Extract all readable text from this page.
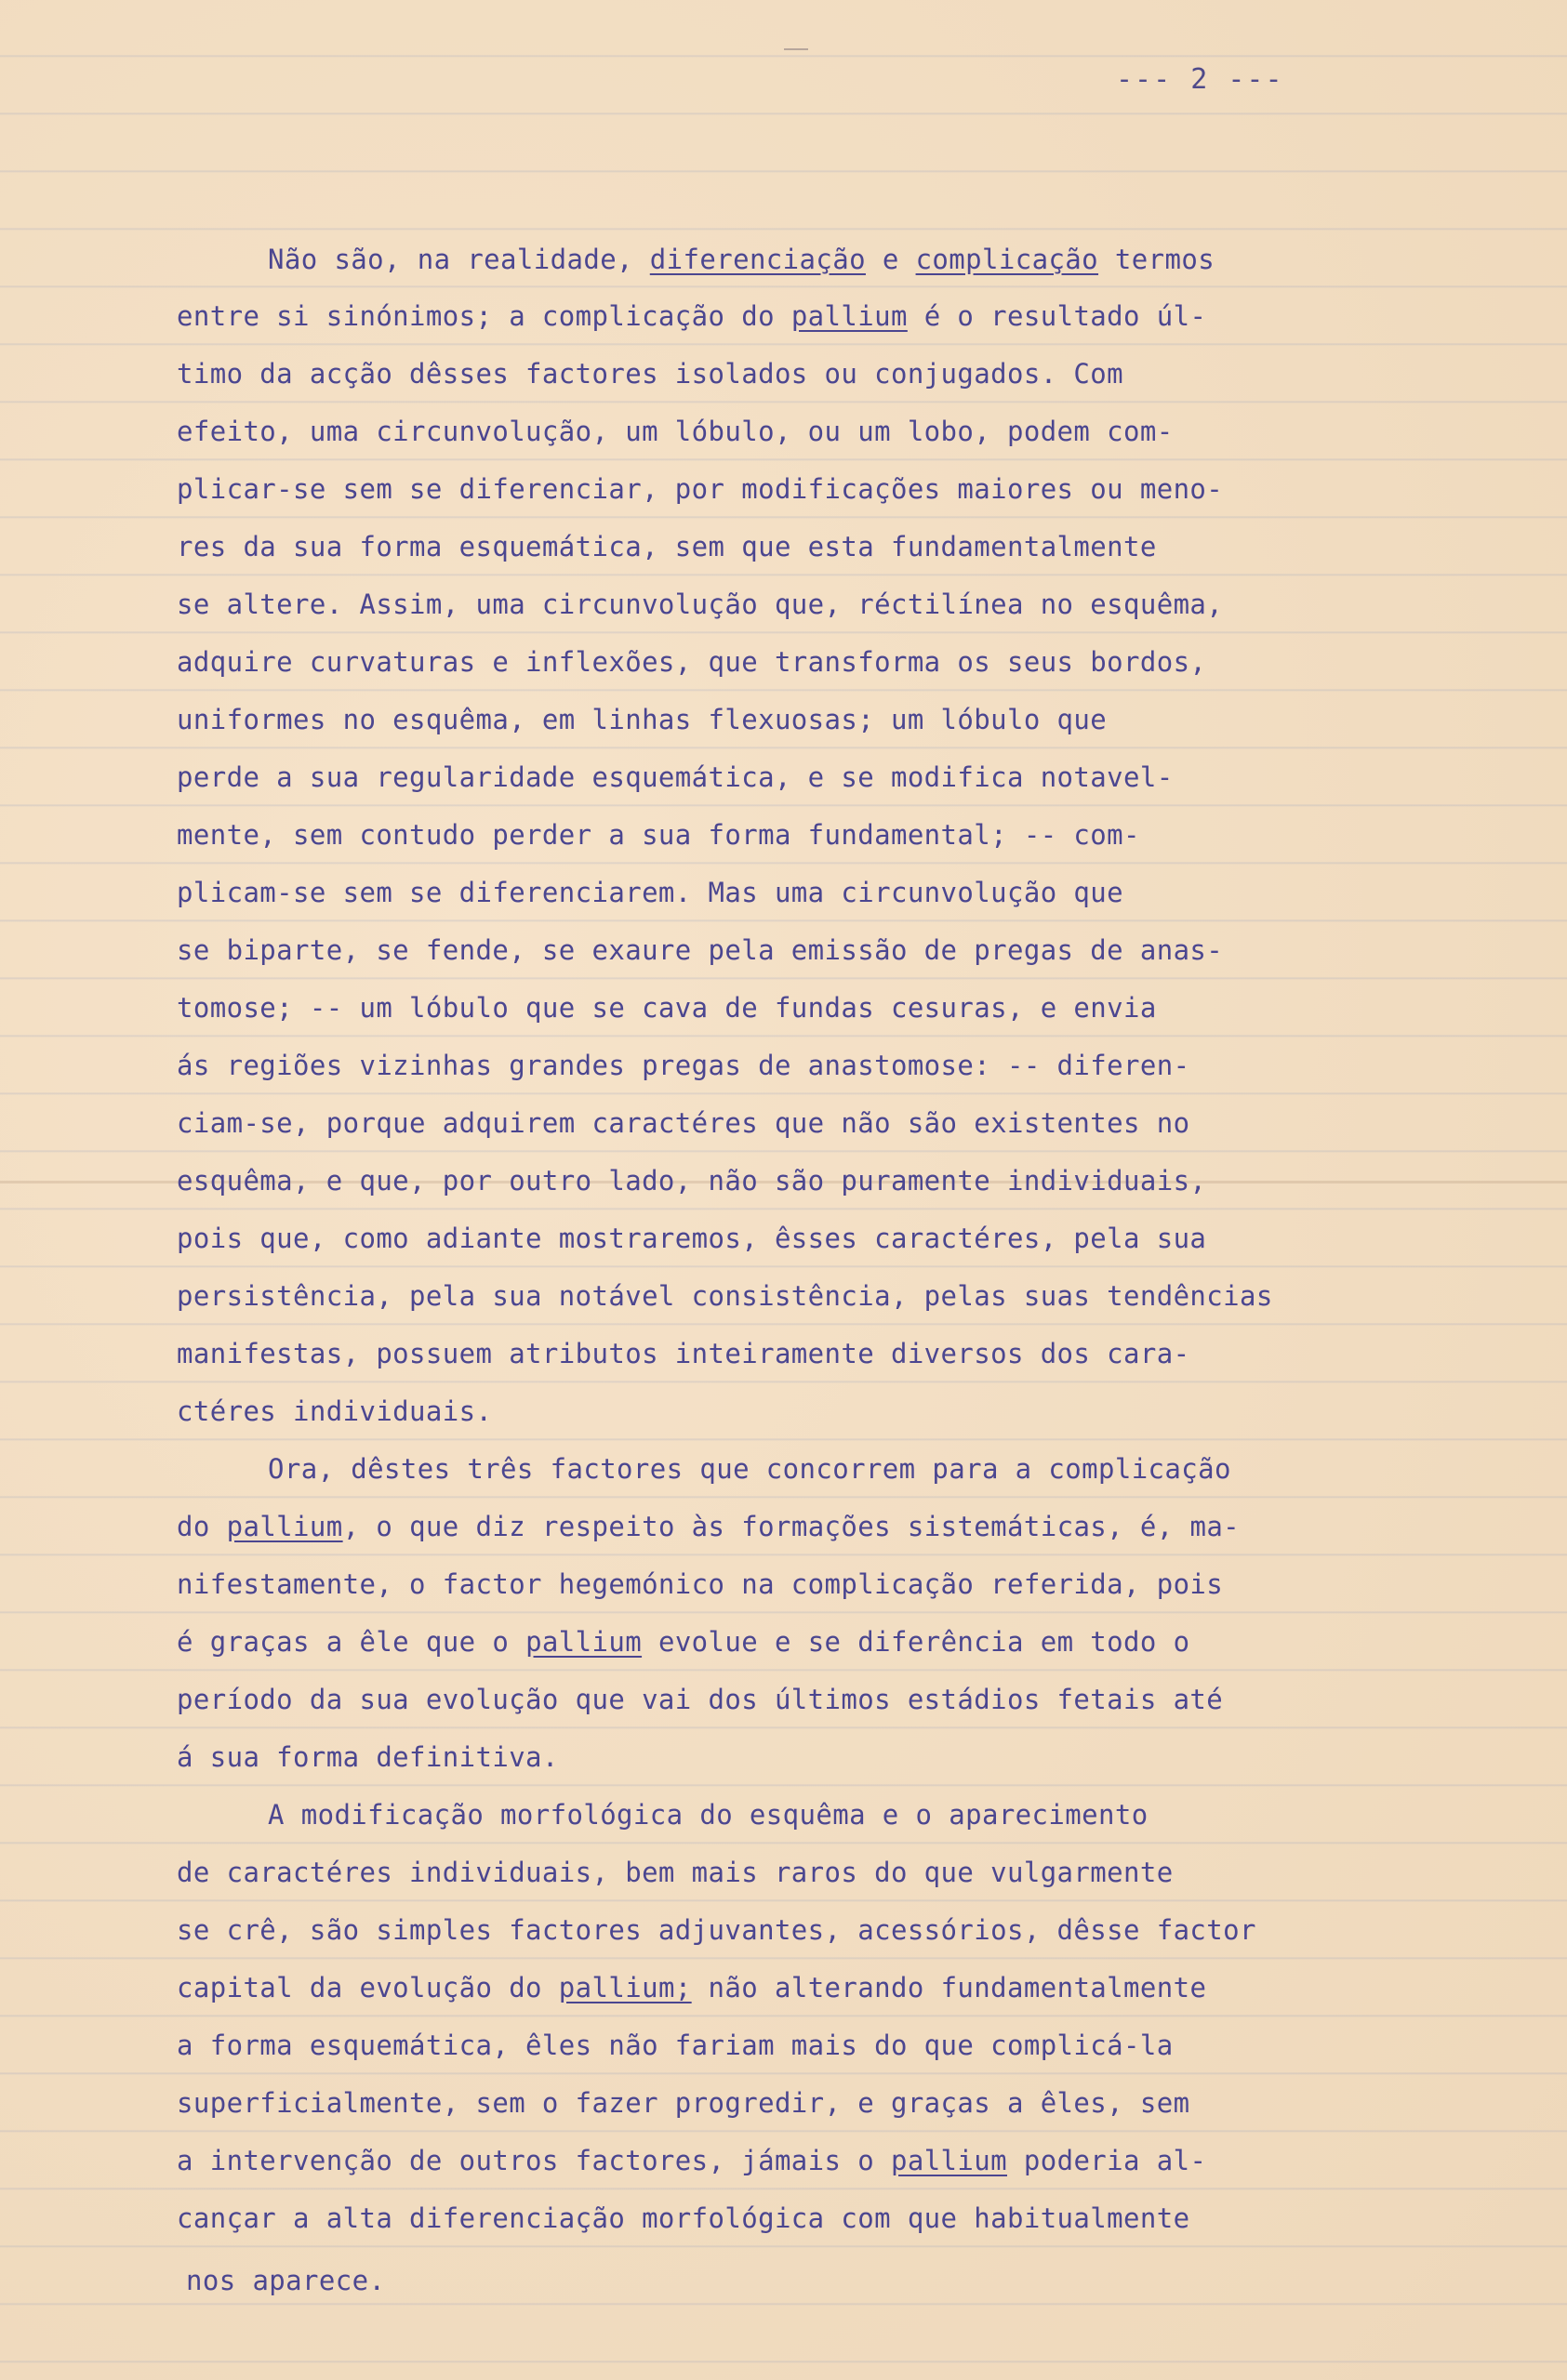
--- 2 ---
Não são, na realidade, diferenciação e complicação termos
entre si sinónimos; a complicação do pallium é o resultado úl-
timo da acção dêsses factores isolados ou conjugados. Com
efeito, uma circunvolução, um lóbulo, ou um lobo, podem com-
plicar-se sem se diferenciar, por modificações maiores ou meno-
res da sua forma esquemática, sem que esta fundamentalmente
se altere. Assim, uma circunvolução que, réctilínea no esquêma,
adquire curvaturas e inflexões, que transforma os seus bordos,
uniformes no esquêma, em linhas flexuosas; um lóbulo que
perde a sua regularidade esquemática, e se modifica notavel-
mente, sem contudo perder a sua forma fundamental; -- com-
plicam-se sem se diferenciarem. Mas uma circunvolução que
se biparte, se fende, se exaure pela emissão de pregas de anas-
tomose; -- um lóbulo que se cava de fundas cesuras, e envia
ás regiões vizinhas grandes pregas de anastomose: -- diferen-
ciam-se, porque adquirem caractéres que não são existentes no
esquêma, e que, por outro lado, não são puramente individuais,
pois que, como adiante mostraremos, êsses caractéres, pela sua
persistência, pela sua notável consistência, pelas suas tendências
manifestas, possuem atributos inteiramente diversos dos cara-
ctéres individuais.
Ora, dêstes três factores que concorrem para a complicação
do pallium, o que diz respeito às formações sistemáticas, é, ma-
nifestamente, o factor hegemónico na complicação referida, pois
é graças a êle que o pallium evolue e se diferência em todo o
período da sua evolução que vai dos últimos estádios fetais até
á sua forma definitiva.
A modificação morfológica do esquêma e o aparecimento
de caractéres individuais, bem mais raros do que vulgarmente
se crê, são simples factores adjuvantes, acessórios, dêsse factor
capital da evolução do pallium; não alterando fundamentalmente
a forma esquemática, êles não fariam mais do que complicá-la
superficialmente, sem o fazer progredir, e graças a êles, sem
a intervenção de outros factores, jámais o pallium poderia al-
cançar a alta diferenciação morfológica com que habitualmente
nos aparece.
